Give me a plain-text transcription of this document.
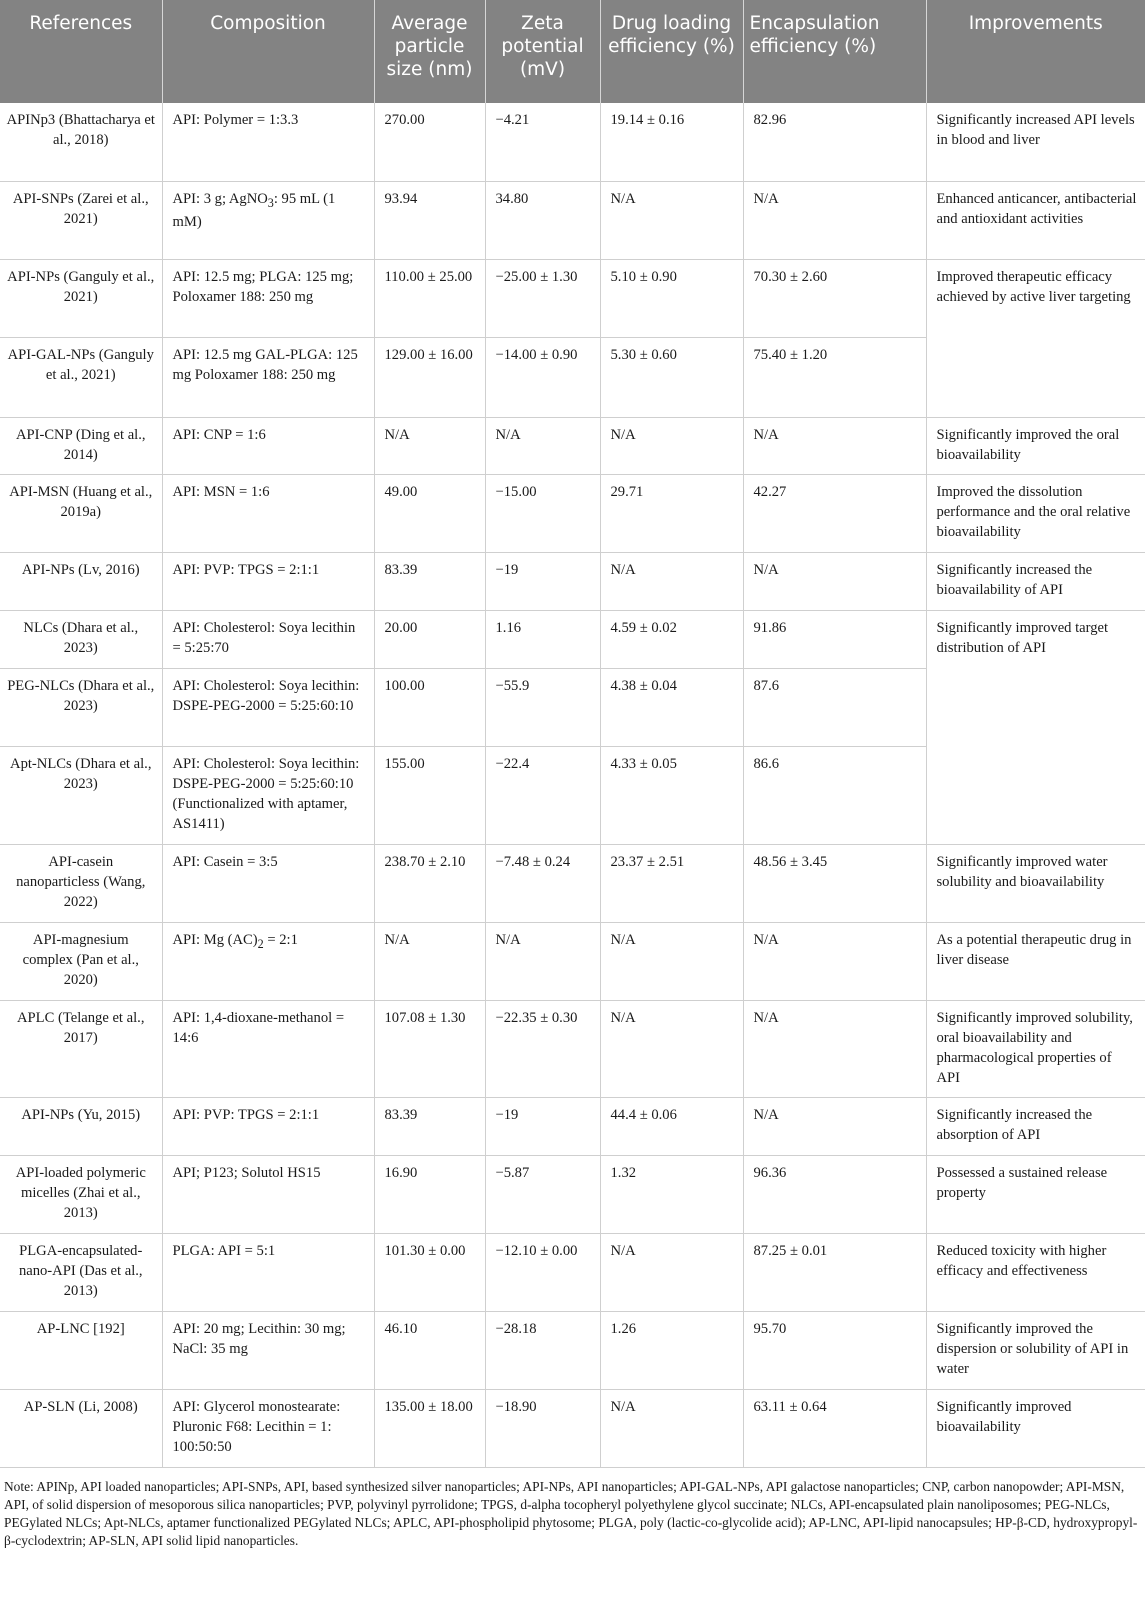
References	Composition	Average particle size (nm)	Zeta potential (mV)	Drug loading efficiency (%)	Encapsulation efficiency (%)	Improvements
APINp3 (Bhattacharya et al., 2018)	API: Polymer = 1:3.3	270.00	−4.21	19.14 ± 0.16	82.96	Significantly increased API levels in blood and liver
API-SNPs (Zarei et al., 2021)	API: 3 g; AgNO$_3$: 95 mL (1 mM)	93.94	34.80	N/A	N/A	Enhanced anticancer, antibacterial and antioxidant activities
API-NPs (Ganguly et al., 2021)	API: 12.5 mg; PLGA: 125 mg; Poloxamer 188: 250 mg	110.00 ± 25.00	−25.00 ± 1.30	5.10 ± 0.90	70.30 ± 2.60	Improved therapeutic efficacy achieved by active liver targeting
API-GAL-NPs (Ganguly et al., 2021)	API: 12.5 mg GAL-PLGA: 125 mg Poloxamer 188: 250 mg	129.00 ± 16.00	−14.00 ± 0.90	5.30 ± 0.60	75.40 ± 1.20	
API-CNP (Ding et al., 2014)	API: CNP = 1:6	N/A	N/A	N/A	N/A	Significantly improved the oral bioavailability
API-MSN (Huang et al., 2019a)	API: MSN = 1:6	49.00	−15.00	29.71	42.27	Improved the dissolution performance and the oral relative bioavailability
API-NPs (Lv, 2016)	API: PVP: TPGS = 2:1:1	83.39	−19	N/A	N/A	Significantly increased the bioavailability of API
NLCs (Dhara et al., 2023)	API: Cholesterol: Soya lecithin = 5:25:70	20.00	1.16	4.59 ± 0.02	91.86	Significantly improved target distribution of API
PEG-NLCs (Dhara et al., 2023)	API: Cholesterol: Soya lecithin: DSPE-PEG-2000 = 5:25:60:10	100.00	−55.9	4.38 ± 0.04	87.6	
Apt-NLCs (Dhara et al., 2023)	API: Cholesterol: Soya lecithin: DSPE-PEG-2000 = 5:25:60:10 (Functionalized with aptamer, AS1411)	155.00	−22.4	4.33 ± 0.05	86.6	
API-casein nanoparticless (Wang, 2022)	API: Casein = 3:5	238.70 ± 2.10	−7.48 ± 0.24	23.37 ± 2.51	48.56 ± 3.45	Significantly improved water solubility and bioavailability
API-magnesium complex (Pan et al., 2020)	API: Mg $(AC)_2$ = 2:1	N/A	N/A	N/A	N/A	As a potential therapeutic drug in liver disease
APLC (Telange et al., 2017)	API: 1,4-dioxane-methanol = 14:6	107.08 ± 1.30	−22.35 ± 0.30	N/A	N/A	Significantly improved solubility, oral bioavailability and pharmacological properties of API
API-NPs (Yu, 2015)	API: PVP: TPGS = 2:1:1	83.39	−19	44.4 ± 0.06	N/A	Significantly increased the absorption of API
API-loaded polymeric micelles (Zhai et al., 2013)	API; P123; Solutol HS15	16.90	−5.87	1.32	96.36	Possessed a sustained release property
PLGA-encapsulated-nano-API (Das et al., 2013)	PLGA: API = 5:1	101.30 ± 0.00	−12.10 ± 0.00	N/A	87.25 ± 0.01	Reduced toxicity with higher efficacy and effectiveness
AP-LNC [192]	API: 20 mg; Lecithin: 30 mg; NaCl: 35 mg	46.10	−28.18	1.26	95.70	Significantly improved the dispersion or solubility of API in water
AP-SLN (Li, 2008)	API: Glycerol monostearate: Pluronic F68: Lecithin = 1: 100:50:50	135.00 ± 18.00	−18.90	N/A	63.11 ± 0.64	Significantly improved bioavailability
Note: APINp, API loaded nanoparticles; API-SNPs, API, based synthesized silver nanoparticles; API-NPs, API nanoparticles; API-GAL-NPs, API galactose nanoparticles; CNP, carbon nanopowder; API-MSN, API, of solid dispersion of mesoporous silica nanoparticles; PVP, polyvinyl pyrrolidone; TPGS, d-alpha tocopheryl polyethylene glycol succinate; NLCs, API-encapsulated plain nanoliposomes; PEG-NLCs, PEGylated NLCs; Apt-NLCs, aptamer functionalized PEGylated NLCs; APLC, API-phospholipid phytosome; PLGA, poly (lactic-co-glycolide acid); AP-LNC, API-lipid nanocapsules; HP-β-CD, hydroxypropyl-β-cyclodextrin; AP-SLN, API solid lipid nanoparticles.
